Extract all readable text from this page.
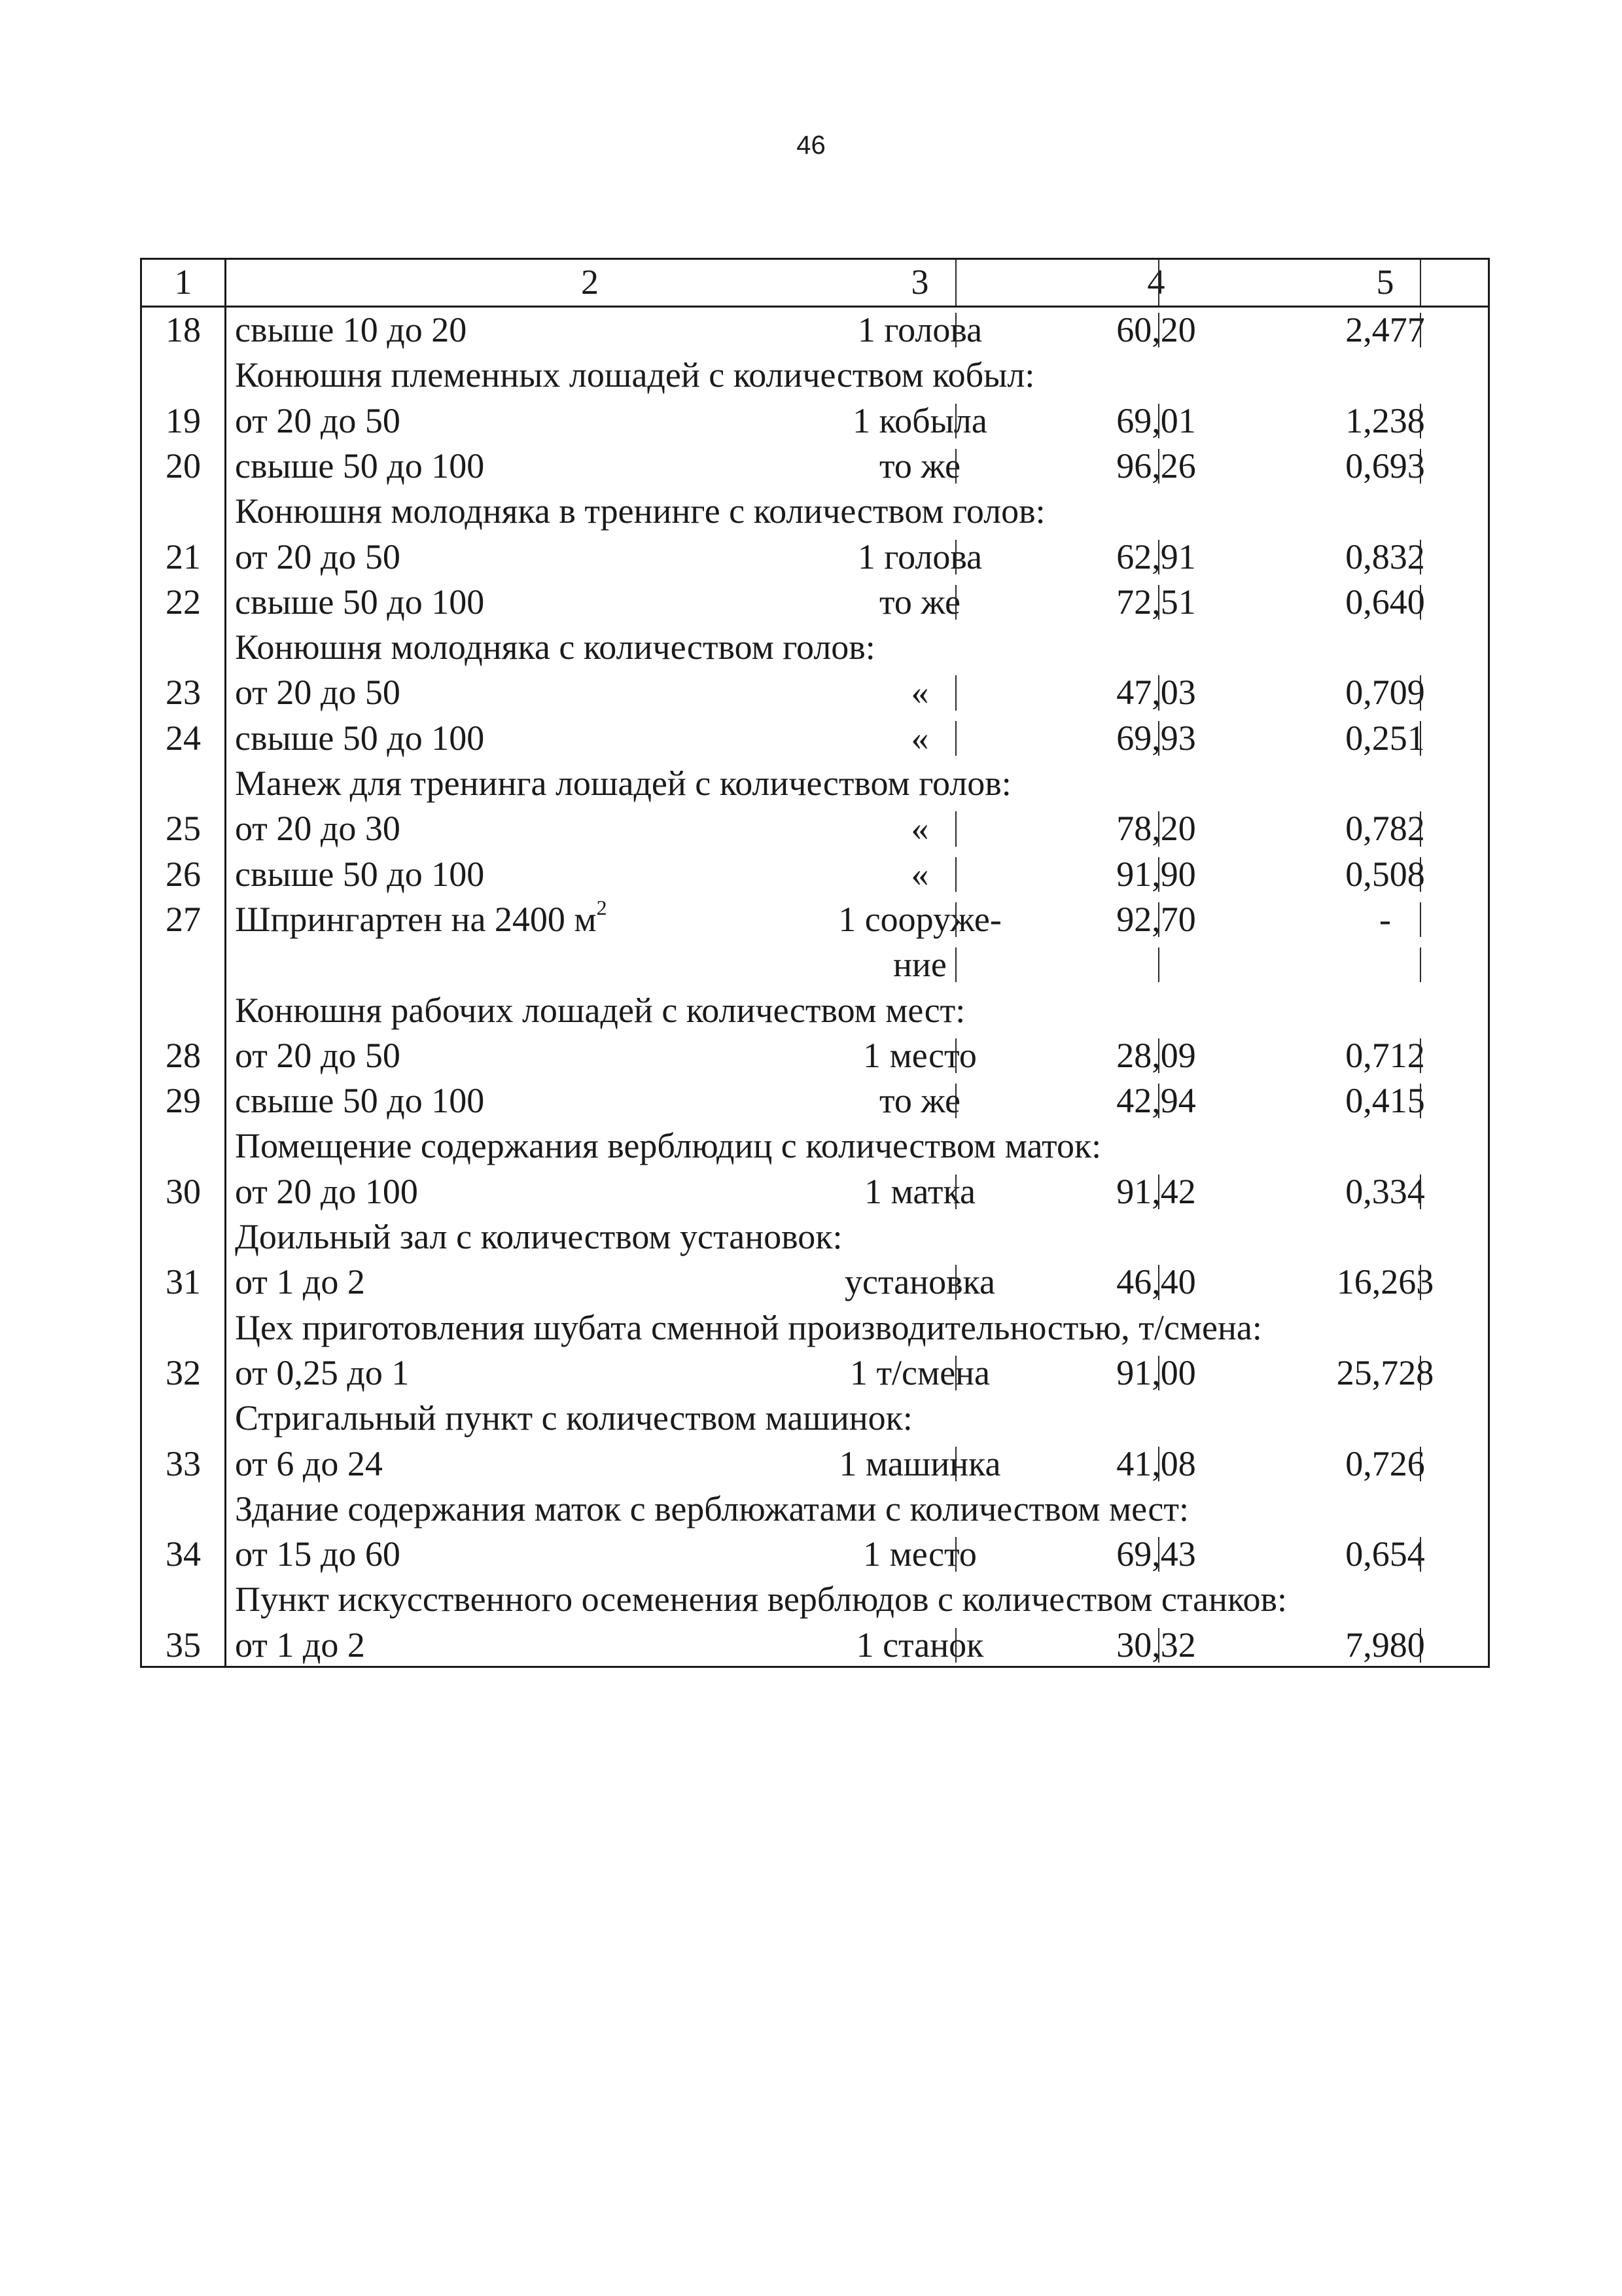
46
1	2	3	4	5
18 свыше 10 до 20	1 голова	60,20	2,477
Конюшня племенных лошадей с количеством кобыл:
19 от 20 до 50	1 кобыла	69,01	1,238
20 свыше 50 до 100	то же	96,26	0,693
Конюшня молодняка в тренинге с количеством голов:
21 от 20 до 50	1 голова	62,91	0,832
22 свыше 50 до 100	то же	72,51	0,640
Конюшня молодняка с количеством голов:
23 от 20 до 50	«	47,03	0,709
24 свыше 50 до 100	«	69,93	0,251
Манеж для тренинга лошадей с количеством голов:
25 от 20 до 30	«	78,20	0,782
26 свыше 50 до 100	«	91,90	0,508
27 Шпрингартен на 2400 $м^2$	1 сооруже-	92,70	-
ние
Конюшня рабочих лошадей с количеством мест:
28 от 20 до 50	1 место	28,09	0,712
29 свыше 50 до 100	то же	42,94	0,415
Помещение содержания верблюдиц с количеством маток:
30 от 20 до 100	1 матка	91,42	0,334
Доильный зал с количеством установок:
31 от 1 до 2	установка	46,40	16,263
Цех приготовления шубата сменной производительностью, т/смена:
32 от 0,25 до 1	1 т/смена	91,00	25,728
Стригальный пункт с количеством машинок:
33 от 6 до 24	1 машинка	41,08	0,726
Здание содержания маток с верблюжатами с количеством мест:
34 от 15 до 60	1 место	69,43	0,654
Пункт искусственного осеменения верблюдов с количеством станков:
35 от 1 до 2	1 станок	30,32	7,980
